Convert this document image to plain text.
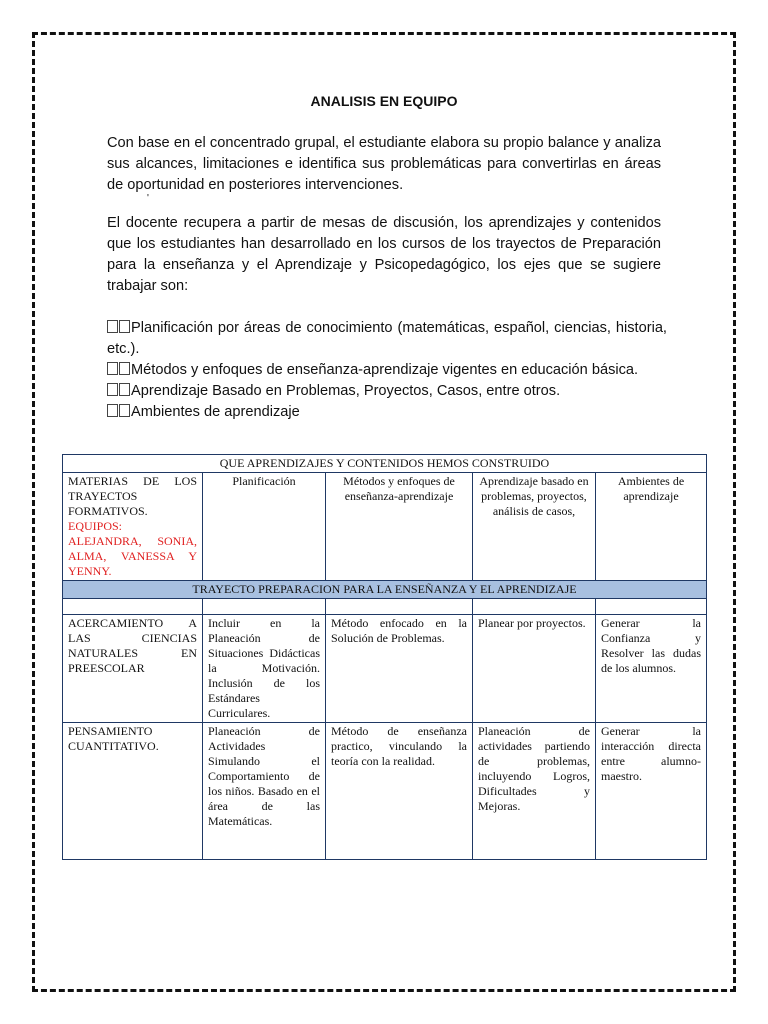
ANALISIS EN EQUIPO
Con base en el concentrado grupal, el estudiante elabora su propio balance y analiza sus alcances, limitaciones e identifica sus problemáticas para convertirlas en áreas de oportunidad en posteriores intervenciones.
'
El docente recupera a partir de mesas de discusión, los aprendizajes y contenidos que los estudiantes han desarrollado en los cursos de los trayectos de Preparación para la enseñanza y el Aprendizaje y Psicopedagógico, los ejes que se sugiere trabajar son:
Planificación por áreas de conocimiento (matemáticas, español, ciencias, historia, etc.).
Métodos y enfoques de enseñanza-aprendizaje vigentes en educación básica.
Aprendizaje Basado en Problemas, Proyectos, Casos, entre otros.
Ambientes de aprendizaje
QUE APRENDIZAJES Y CONTENIDOS HEMOS CONSTRUIDO				

MATERIAS DE LOS TRAYECTOS FORMATIVOS.
EQUIPOS: ALEJANDRA, SONIA, ALMA, VANESSA Y YENNY.	Planificación	Métodos y enfoques de enseñanza-aprendizaje	Aprendizaje basado en problemas, proyectos, análisis de casos,	Ambientes de aprendizaje
TRAYECTO PREPARACION PARA LA ENSEÑANZA Y EL APRENDIZAJE				

ACERCAMIENTO A LAS CIENCIAS NATURALES EN PREESCOLAR	Incluir en la Planeación de Situaciones Didácticas la Motivación. Inclusión de los Estándares Curriculares.	Método enfocado en la Solución de Problemas.	Planear por proyectos.	Generar la Confianza y Resolver las dudas de los alumnos.
PENSAMIENTO CUANTITATIVO.	Planeación de Actividades Simulando el Comportamiento de los niños. Basado en el área de las Matemáticas.	Método de enseñanza practico, vinculando la teoría con la realidad.	Planeación de actividades partiendo de problemas, incluyendo Logros, Dificultades y Mejoras.	Generar la interacción directa entre alumno-maestro.
